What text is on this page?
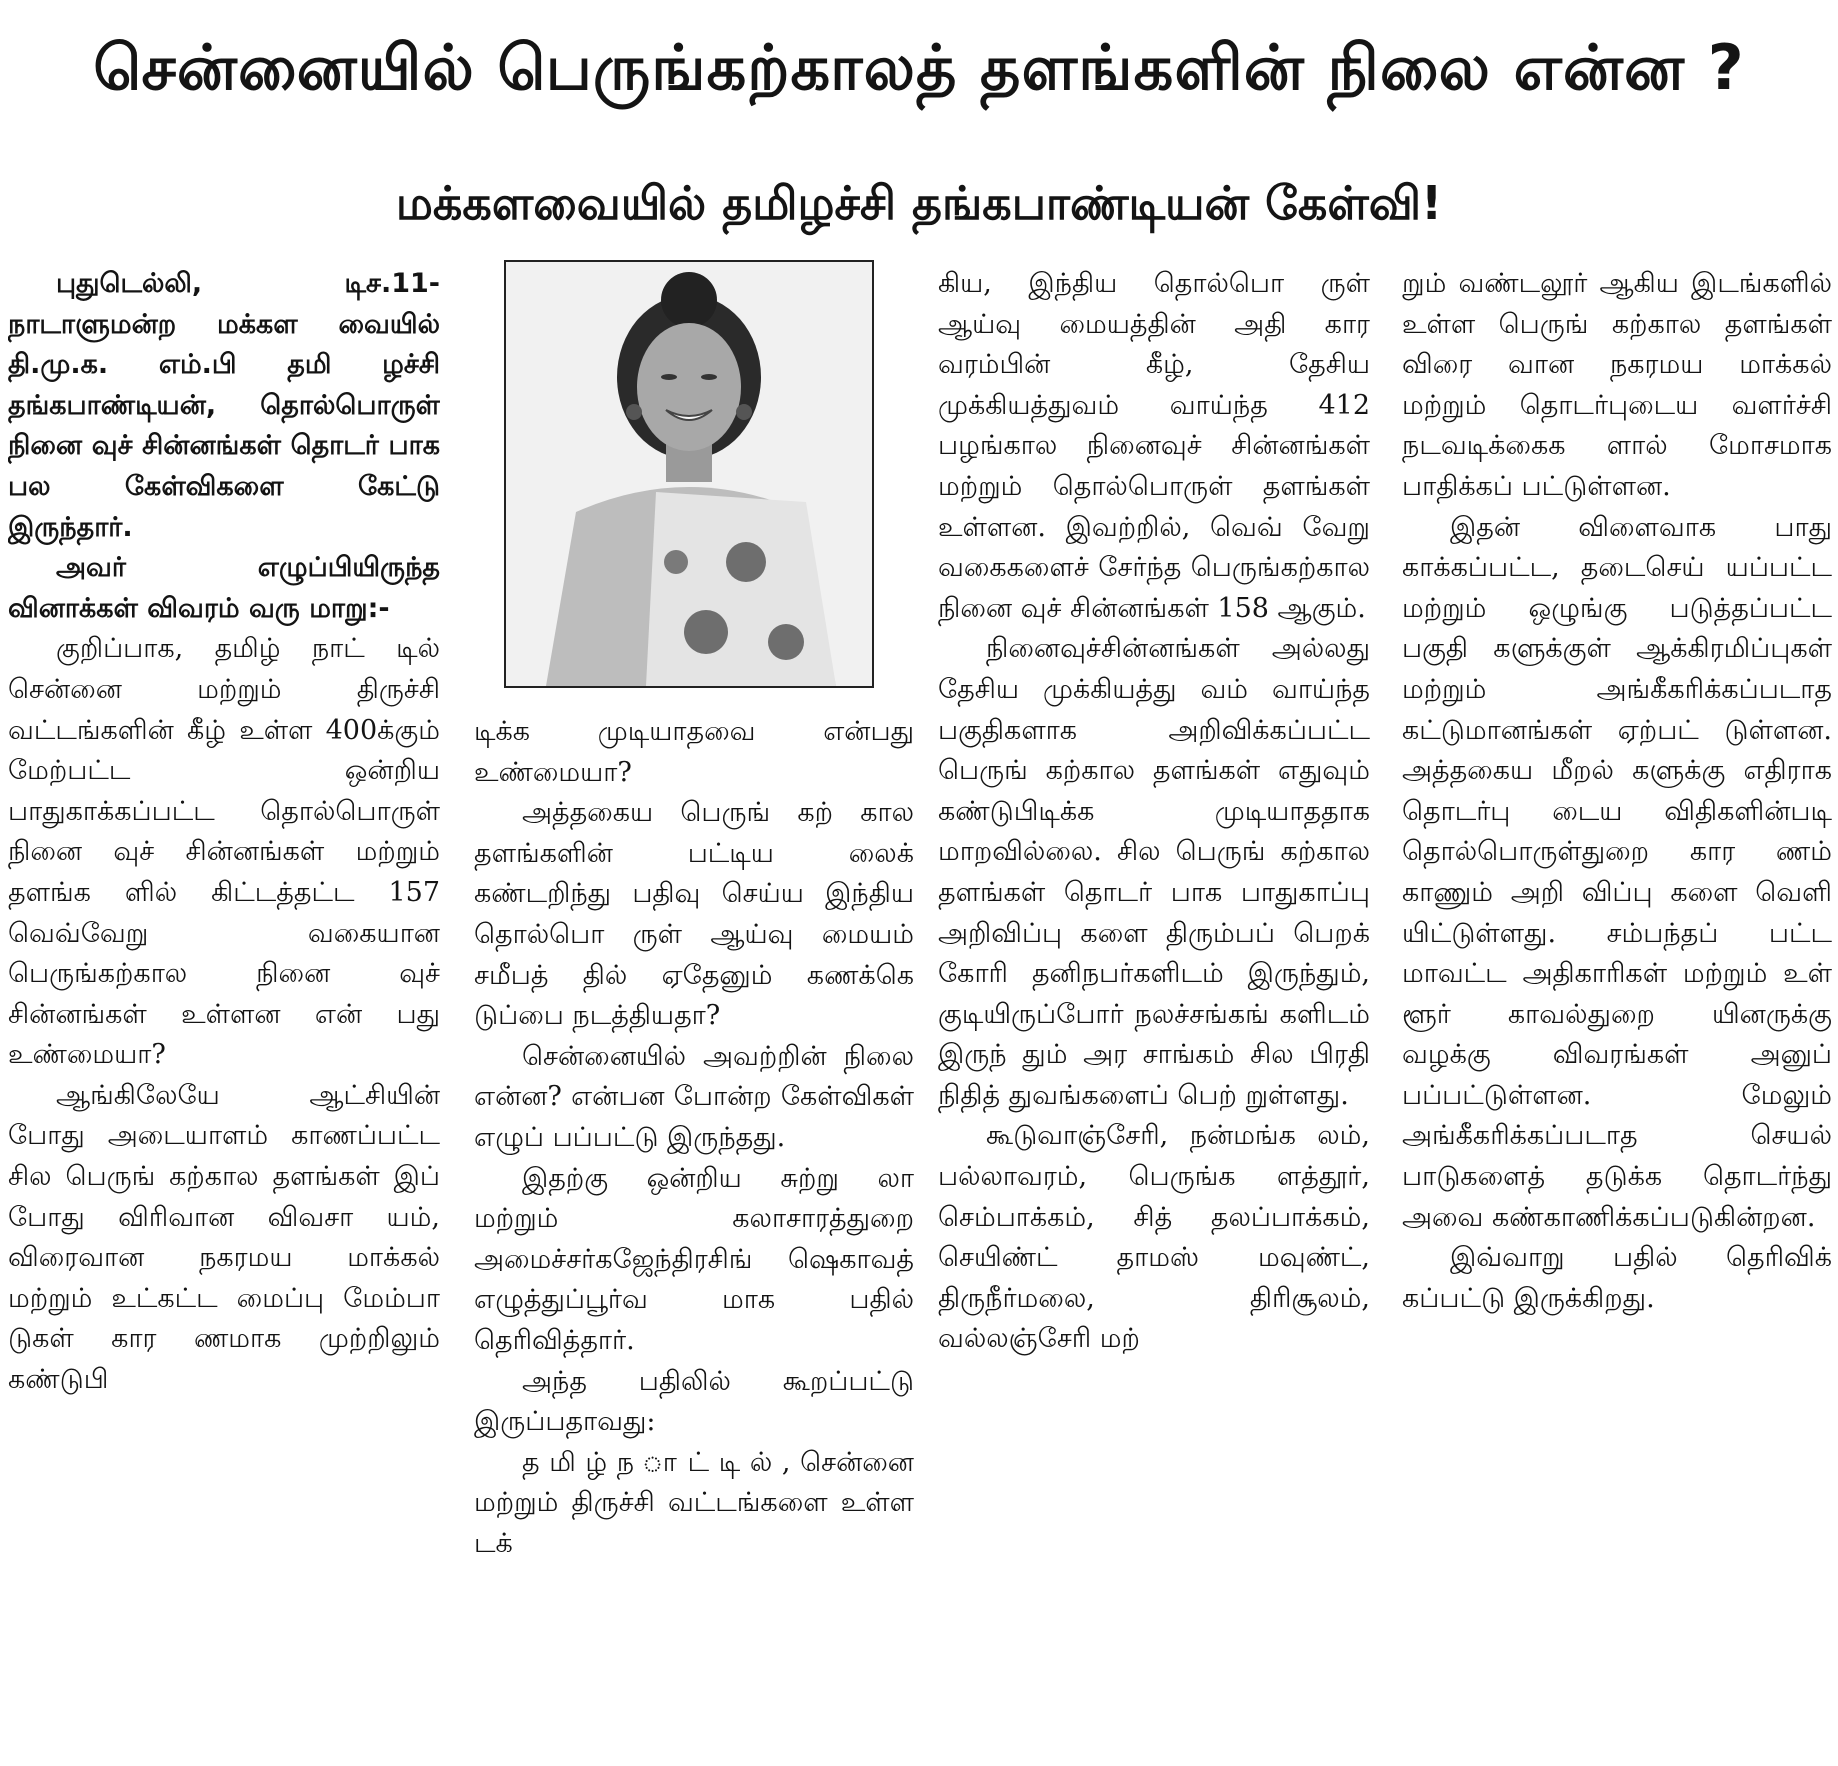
சென்னையில் பெருங்கற்காலத் தளங்களின் நிலை என்ன ?
மக்களவையில் தமிழச்சி தங்கபாண்டியன் கேள்வி!

புதுடெல்லி, டிச.11- நாடாளுமன்ற மக்கள வையில் தி.மு.க. எம்.பி தமி ழச்சி தங்கபாண்டியன், தொல்பொருள் நினை வுச் சின்னங்கள் தொடர் பாக பல கேள்விகளை கேட்டு இருந்தார்.

அவர் எழுப்பியிருந்த வினாக்கள் விவரம் வரு மாறு:-

குறிப்பாக, தமிழ் நாட் டில் சென்னை மற்றும் திருச்சி வட்டங்களின் கீழ் உள்ள 400க்கும் மேற்பட்ட ஒன்றிய பாதுகாக்கப்பட்ட தொல்பொருள் நினை வுச் சின்னங்கள் மற்றும் தளங்க ளில் கிட்டத்தட்ட 157 வெவ்வேறு வகையான பெருங்கற்கால நினை வுச் சின்னங்கள் உள்ளன என் பது உண்மையா?

ஆங்கிலேயே ஆட்சியின் போது அடையாளம் காணப்பட்ட சில பெருங் கற்கால தளங்கள் இப் போது விரிவான விவசா யம், விரைவான நகரமய மாக்கல் மற்றும் உட்கட்ட மைப்பு மேம்பா டுகள் கார ணமாக முற்றிலும் கண்டுபி

டிக்க முடியாதவை என்பது உண்மையா?

அத்தகைய பெருங் கற் கால தளங்களின் பட்டிய லைக் கண்டறிந்து பதிவு செய்ய இந்திய தொல்பொ ருள் ஆய்வு மையம் சமீபத் தில் ஏதேனும் கணக்கெ டுப்பை நடத்தியதா?

சென்னையில் அவற்றின் நிலை என்ன? என்பன போன்ற கேள்விகள் எழுப் பப்பட்டு இருந்தது.

இதற்கு ஒன்றிய சுற்று லா மற்றும் கலாசாரத்துறை அமைச்சர்கஜேந்திரசிங் ஷெகாவத் எழுத்துப்பூர்வ மாக பதில் தெரிவித்தார்.

அந்த பதிலில் கூறப்பட்டு இருப்பதாவது:

த மி ழ் ந ா ட் டி ல் , சென்னை மற்றும் திருச்சி வட்டங்களை உள்ள டக்

கிய, இந்திய தொல்பொ ருள் ஆய்வு மையத்தின் அதி கார வரம்பின் கீழ், தேசிய முக்கியத்துவம் வாய்ந்த 412 பழங்கால நினைவுச் சின்னங்கள் மற்றும் தொல்பொருள் தளங்கள் உள்ளன. இவற்றில், வெவ் வேறு வகைகளைச் சேர்ந்த பெருங்கற்கால நினை வுச் சின்னங்கள் 158 ஆகும்.

நினைவுச்சின்னங்கள் அல்லது தேசிய முக்கியத்து வம் வாய்ந்த பகுதிகளாக அறிவிக்கப்பட்ட பெருங் கற்கால தளங்கள் எதுவும் கண்டுபிடிக்க முடியாததாக மாறவில்லை. சில பெருங் கற்கால தளங்கள் தொடர் பாக பாதுகாப்பு அறிவிப்பு களை திரும்பப் பெறக் கோரி தனிநபர்களிடம் இருந்தும், குடியிருப்போர் நலச்சங்கங் களிடம் இருந் தும் அர சாங்கம் சில பிரதி நிதித் துவங்களைப் பெற் றுள்ளது.

கூடுவாஞ்சேரி, நன்மங்க லம், பல்லாவரம், பெருங்க ளத்தூர், செம்பாக்கம், சித் தலப்பாக்கம், செயிண்ட் தாமஸ் மவுண்ட், திருநீர்மலை, திரிசூலம், வல்லஞ்சேரி மற்

றும் வண்டலூர் ஆகிய இடங்களில் உள்ள பெருங் கற்கால தளங்கள் விரை வான நகரமய மாக்கல் மற்றும் தொடர்புடைய வளர்ச்சி நடவடிக்கைக ளால் மோசமாக பாதிக்கப் பட்டுள்ளன.

இதன் விளைவாக பாது காக்கப்பட்ட, தடைசெய் யப்பட்ட மற்றும் ஒழுங்கு படுத்தப்பட்ட பகுதி களுக்குள் ஆக்கிரமிப்புகள் மற்றும் அங்கீகரிக்கப்படாத கட்டுமானங்கள் ஏற்பட் டுள்ளன. அத்தகைய மீறல் களுக்கு எதிராக தொடர்பு டைய விதிகளின்படி தொல்பொருள்துறை கார ணம் காணும் அறி விப்பு களை வெளி யிட்டுள்ளது. சம்பந்தப் பட்ட மாவட்ட அதிகாரிகள் மற்றும் உள் ளூர் காவல்துறை யினருக்கு வழக்கு விவரங்கள் அனுப் பப்பட்டுள்ளன. மேலும் அங்கீகரிக்கப்படாத செயல் பாடுகளைத் தடுக்க தொடர்ந்து அவை கண்காணிக்கப்படுகின்றன.

இவ்வாறு பதில் தெரிவிக் கப்பட்டு இருக்கிறது.
